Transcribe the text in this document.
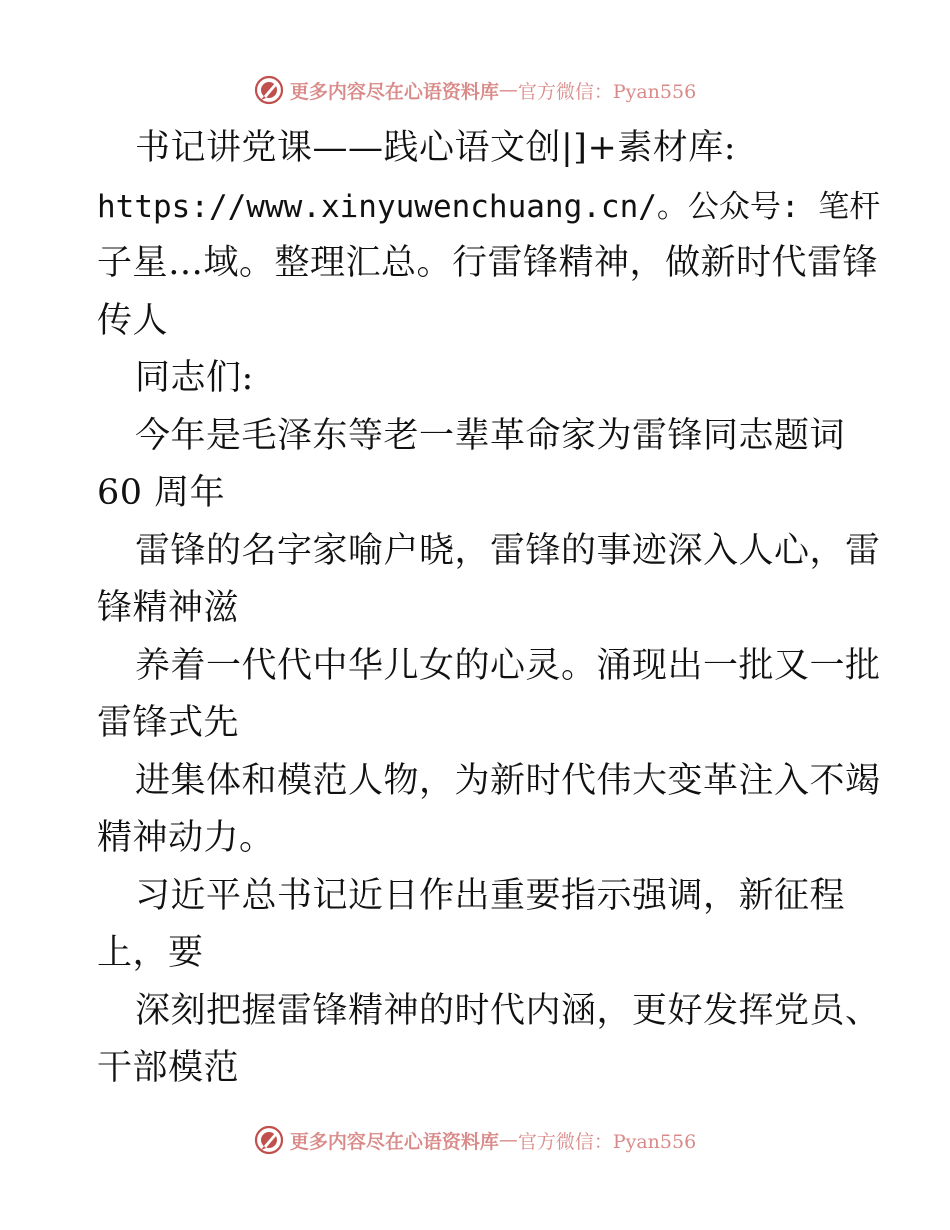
更多内容尽在心语资料库 — 官方微信：Pyan556
书记讲党课——践心语文创|]+素材库:
https://www.xinyuwenchuang.cn/。公众号: 笔杆
子星…域。整理汇总。行雷锋精神，做新时代雷锋
传人
同志们:
今年是毛泽东等老一辈革命家为雷锋同志题词
60 周年
雷锋的名字家喻户晓，雷锋的事迹深入人心，雷
锋精神滋
养着一代代中华儿女的心灵。涌现出一批又一批
雷锋式先
进集体和模范人物，为新时代伟大变革注入不竭
精神动力。
习近平总书记近日作出重要指示强调，新征程
上，要
深刻把握雷锋精神的时代内涵，更好发挥党员、
干部模范
更多内容尽在心语资料库 — 官方微信：Pyan556
